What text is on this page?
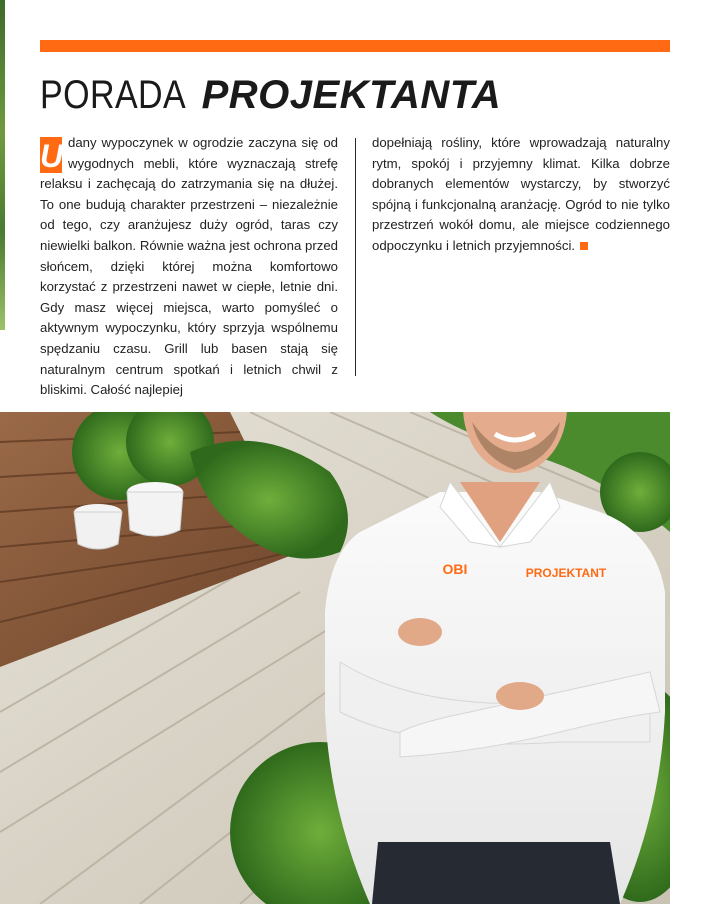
PORADA PROJEKTANTA
U dany wypoczynek w ogrodzie zaczyna się od wygodnych mebli, które wyznaczają strefę relaksu i zachęcają do zatrzymania się na dłużej. To one budują charakter przestrzeni – niezależnie od tego, czy aranżujesz duży ogród, taras czy niewielki balkon. Równie ważna jest ochrona przed słońcem, dzięki której można komfortowo korzystać z przestrzeni nawet w ciepłe, letnie dni. Gdy masz więcej miejsca, warto pomyśleć o aktywnym wypoczynku, który sprzyja wspólnemu spędzaniu czasu. Grill lub basen stają się naturalnym centrum spotkań i letnich chwil z bliskimi. Całość najlepiej
dopełniają rośliny, które wprowadzają naturalny rytm, spokój i przyjemny klimat. Kilka dobrze dobranych elementów wystarczy, by stworzyć spójną i funkcjonalną aranżację. Ogród to nie tylko przestrzeń wokół domu, ale miejsce codziennego odpoczynku i letnich przyjemności.
OBI	PROJEKTANT
